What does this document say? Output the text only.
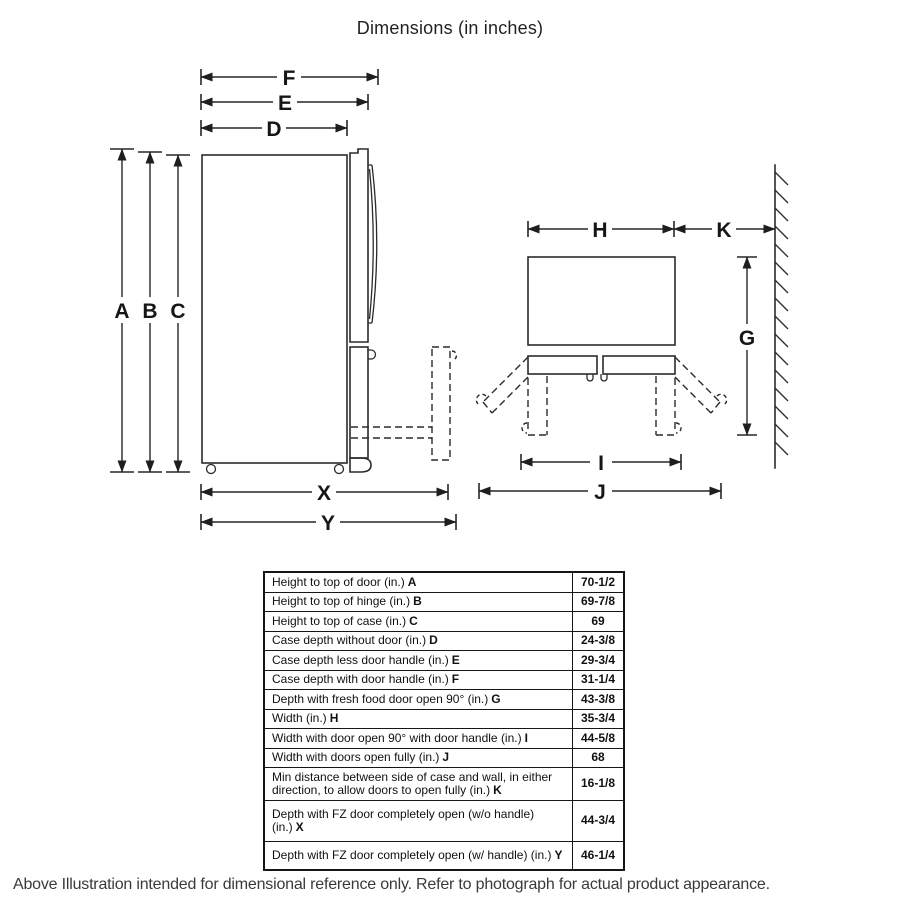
Dimensions (in inches)
A B C
F
E
D
X
Y
H	K
G
I
J
Height to top of door (in.) A	70-1/2
Height to top of hinge (in.) B	69-7/8
Height to top of case (in.) C	69
Case depth without door (in.) D	24-3/8
Case depth less door handle (in.) E	29-3/4
Case depth with door handle (in.) F	31-1/4
Depth with fresh food door open 90° (in.) G	43-3/8
Width (in.) H	35-3/4
Width with door open 90° with door handle (in.) I	44-5/8
Width with doors open fully (in.) J	68
Min distance between side of case and wall, in either direction, to allow doors to open fully (in.) K	16-1/8
Depth with FZ door completely open (w/o handle) (in.) X	44-3/4
Depth with FZ door completely open (w/ handle) (in.) Y	46-1/4
Above Illustration intended for dimensional reference only. Refer to photograph for actual product appearance.
